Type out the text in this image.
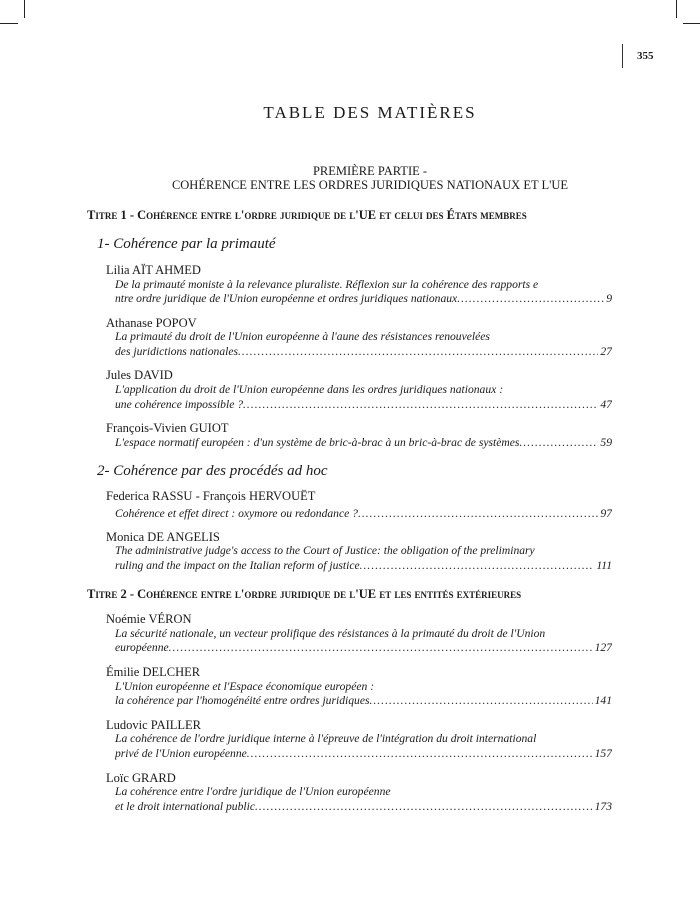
355
TABLE DES MATIÈRES
PREMIÈRE PARTIE -
COHÉRENCE ENTRE LES ORDRES JURIDIQUES NATIONAUX ET L'UE
Titre 1 - Cohérence entre l'ordre juridique de l'UE et celui des États membres
1- Cohérence par la primauté
Lilia AÏT AHMED
De la primauté moniste à la relevance pluraliste. Réflexion sur la cohérence des rapports e
ntre ordre juridique de l'Union européenne et ordres juridiques nationaux .....	9
Athanase POPOV
La primauté du droit de l'Union européenne à l'aune des résistances renouvelées
des juridictions nationales .....	27
Jules DAVID
L'application du droit de l'Union européenne dans les ordres juridiques nationaux :
une cohérence impossible ? .....	47
François-Vivien GUIOT
L'espace normatif européen : d'un système de bric-à-brac à un bric-à-brac de systèmes .....	59
2- Cohérence par des procédés ad hoc
Federica RASSU - François HERVOUËT
Cohérence et effet direct : oxymore ou redondance ? .....	97
Monica DE ANGELIS
The administrative judge's access to the Court of Justice: the obligation of the preliminary
ruling and the impact on the Italian reform of justice .....	111
Titre 2 - Cohérence entre l'ordre juridique de l'UE et les entités extérieures
Noémie VÉRON
La sécurité nationale, un vecteur prolifique des résistances à la primauté du droit de l'Union
européenne .....	127
Émilie DELCHER
L'Union européenne et l'Espace économique européen :
la cohérence par l'homogénéité entre ordres juridiques .....	141
Ludovic PAILLER
La cohérence de l'ordre juridique interne à l'épreuve de l'intégration du droit international
privé de l'Union européenne .....	157
Loïc GRARD
La cohérence entre l'ordre juridique de l'Union européenne
et le droit international public .....	173
